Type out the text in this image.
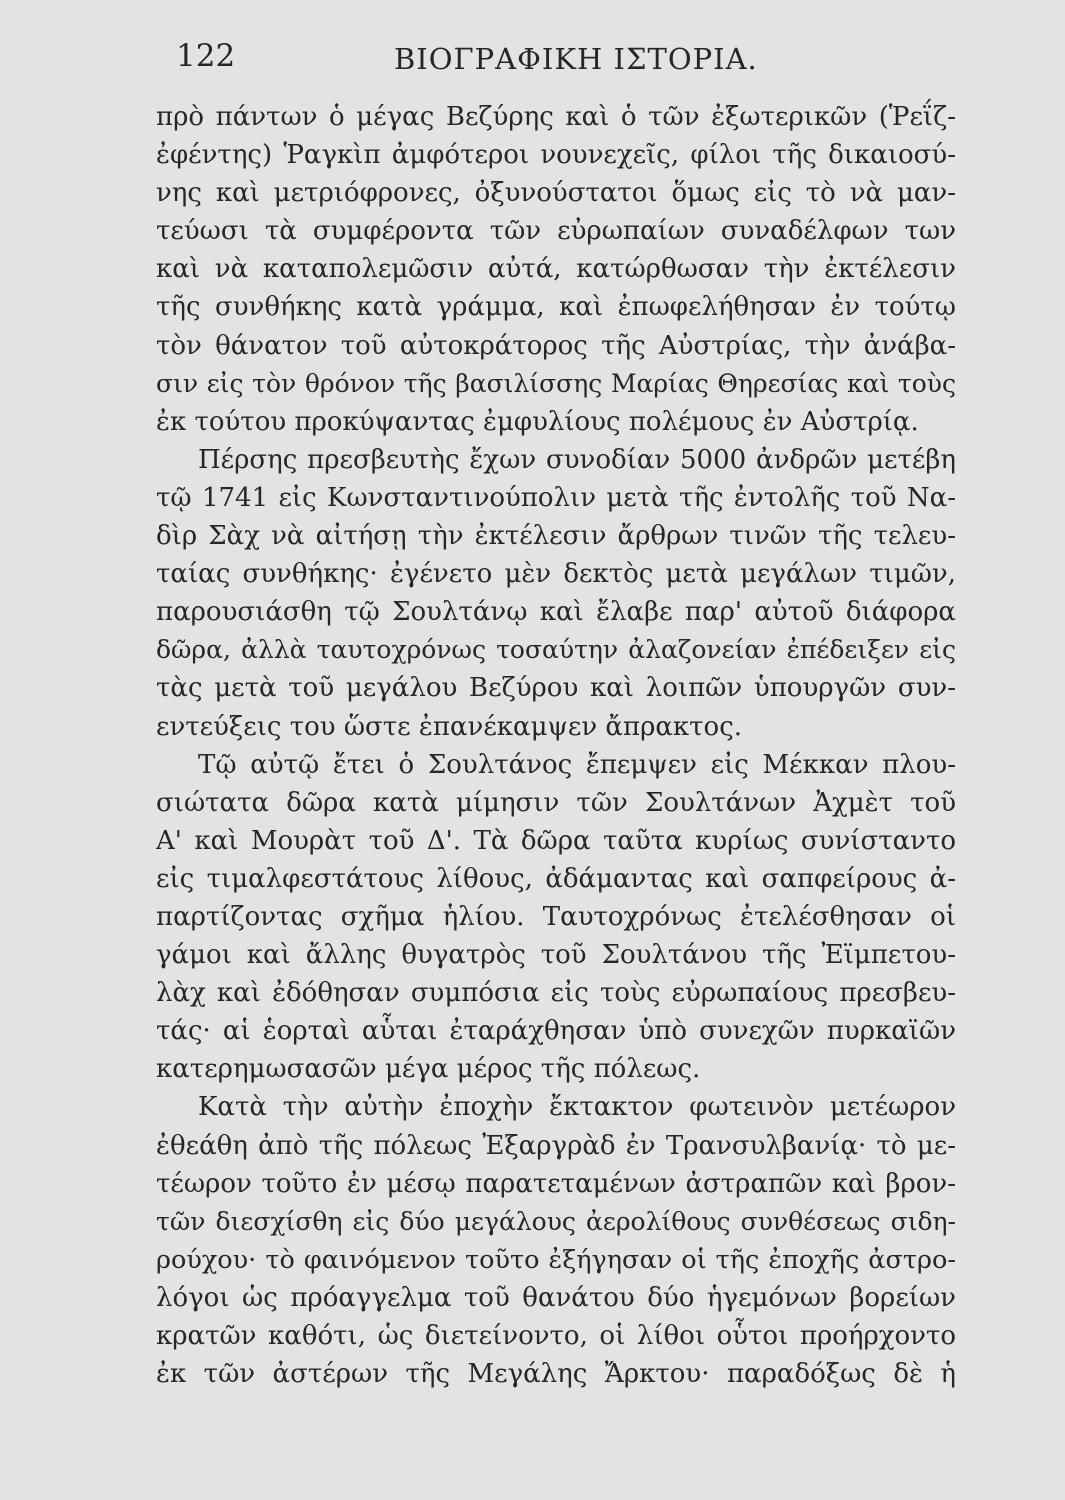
122	ΒΙΟΓΡΑΦΙΚΗ ΙΣΤΟΡΙΑ.
πρὸ πάντων ὁ μέγας Βεζύρης καὶ ὁ τῶν ἐξωτερικῶν (Ῥεΐζ-
ἐφέντης) Ῥαγκὶπ ἀμφότεροι νουνεχεῖς, φίλοι τῆς δικαιοσύ-
νης καὶ μετριόφρονες, ὀξυνούστατοι ὅμως εἰς τὸ νὰ μαν-
τεύωσι τὰ συμφέροντα τῶν εὐρωπαίων συναδέλφων των
καὶ νὰ καταπολεμῶσιν αὐτά, κατώρθωσαν τὴν ἐκτέλεσιν
τῆς συνθήκης κατὰ γράμμα, καὶ ἐπωφελήθησαν ἐν τούτῳ
τὸν θάνατον τοῦ αὐτοκράτορος τῆς Αὐστρίας, τὴν ἀνάβα-
σιν εἰς τὸν θρόνον τῆς βασιλίσσης Μαρίας Θηρεσίας καὶ τοὺς
ἐκ τούτου προκύψαντας ἐμφυλίους πολέμους ἐν Αὐστρίᾳ.
Πέρσης πρεσβευτὴς ἔχων συνοδίαν 5000 ἀνδρῶν μετέβη
τῷ 1741 εἰς Κωνσταντινούπολιν μετὰ τῆς ἐντολῆς τοῦ Να-
δὶρ Σὰχ νὰ αἰτήσῃ τὴν ἐκτέλεσιν ἄρθρων τινῶν τῆς τελευ-
ταίας συνθήκης· ἐγένετο μὲν δεκτὸς μετὰ μεγάλων τιμῶν,
παρουσιάσθη τῷ Σουλτάνῳ καὶ ἔλαβε παρ' αὐτοῦ διάφορα
δῶρα, ἀλλὰ ταυτοχρόνως τοσαύτην ἀλαζονείαν ἐπέδειξεν εἰς
τὰς μετὰ τοῦ μεγάλου Βεζύρου καὶ λοιπῶν ὑπουργῶν συν-
εντεύξεις του ὥστε ἐπανέκαμψεν ἄπρακτος.
Τῷ αὐτῷ ἔτει ὁ Σουλτάνος ἔπεμψεν εἰς Μέκκαν πλου-
σιώτατα δῶρα κατὰ μίμησιν τῶν Σουλτάνων Ἀχμὲτ τοῦ
Α' καὶ Μουρὰτ τοῦ Δ'. Τὰ δῶρα ταῦτα κυρίως συνίσταντο
εἰς τιμαλφεστάτους λίθους, ἀδάμαντας καὶ σαπφείρους ἀ-
παρτίζοντας σχῆμα ἡλίου. Ταυτοχρόνως ἐτελέσθησαν οἱ
γάμοι καὶ ἄλλης θυγατρὸς τοῦ Σουλτάνου τῆς Ἐϊμπετου-
λὰχ καὶ ἐδόθησαν συμπόσια εἰς τοὺς εὐρωπαίους πρεσβευ-
τάς· αἱ ἑορταὶ αὗται ἐταράχθησαν ὑπὸ συνεχῶν πυρκαϊῶν
κατερημωσασῶν μέγα μέρος τῆς πόλεως.
Κατὰ τὴν αὐτὴν ἐποχὴν ἔκτακτον φωτεινὸν μετέωρον
ἐθεάθη ἀπὸ τῆς πόλεως Ἐξαργρὰδ ἐν Τρανσυλβανίᾳ· τὸ με-
τέωρον τοῦτο ἐν μέσῳ παρατεταμένων ἀστραπῶν καὶ βρον-
τῶν διεσχίσθη εἰς δύο μεγάλους ἀερολίθους συνθέσεως σιδη-
ρούχου· τὸ φαινόμενον τοῦτο ἐξήγησαν οἱ τῆς ἐποχῆς ἀστρο-
λόγοι ὡς πρόαγγελμα τοῦ θανάτου δύο ἡγεμόνων βορείων
κρατῶν καθότι, ὡς διετείνοντο, οἱ λίθοι οὗτοι προήρχοντο
ἐκ τῶν ἀστέρων τῆς Μεγάλης Ἄρκτου· παραδόξως δὲ ἡ
